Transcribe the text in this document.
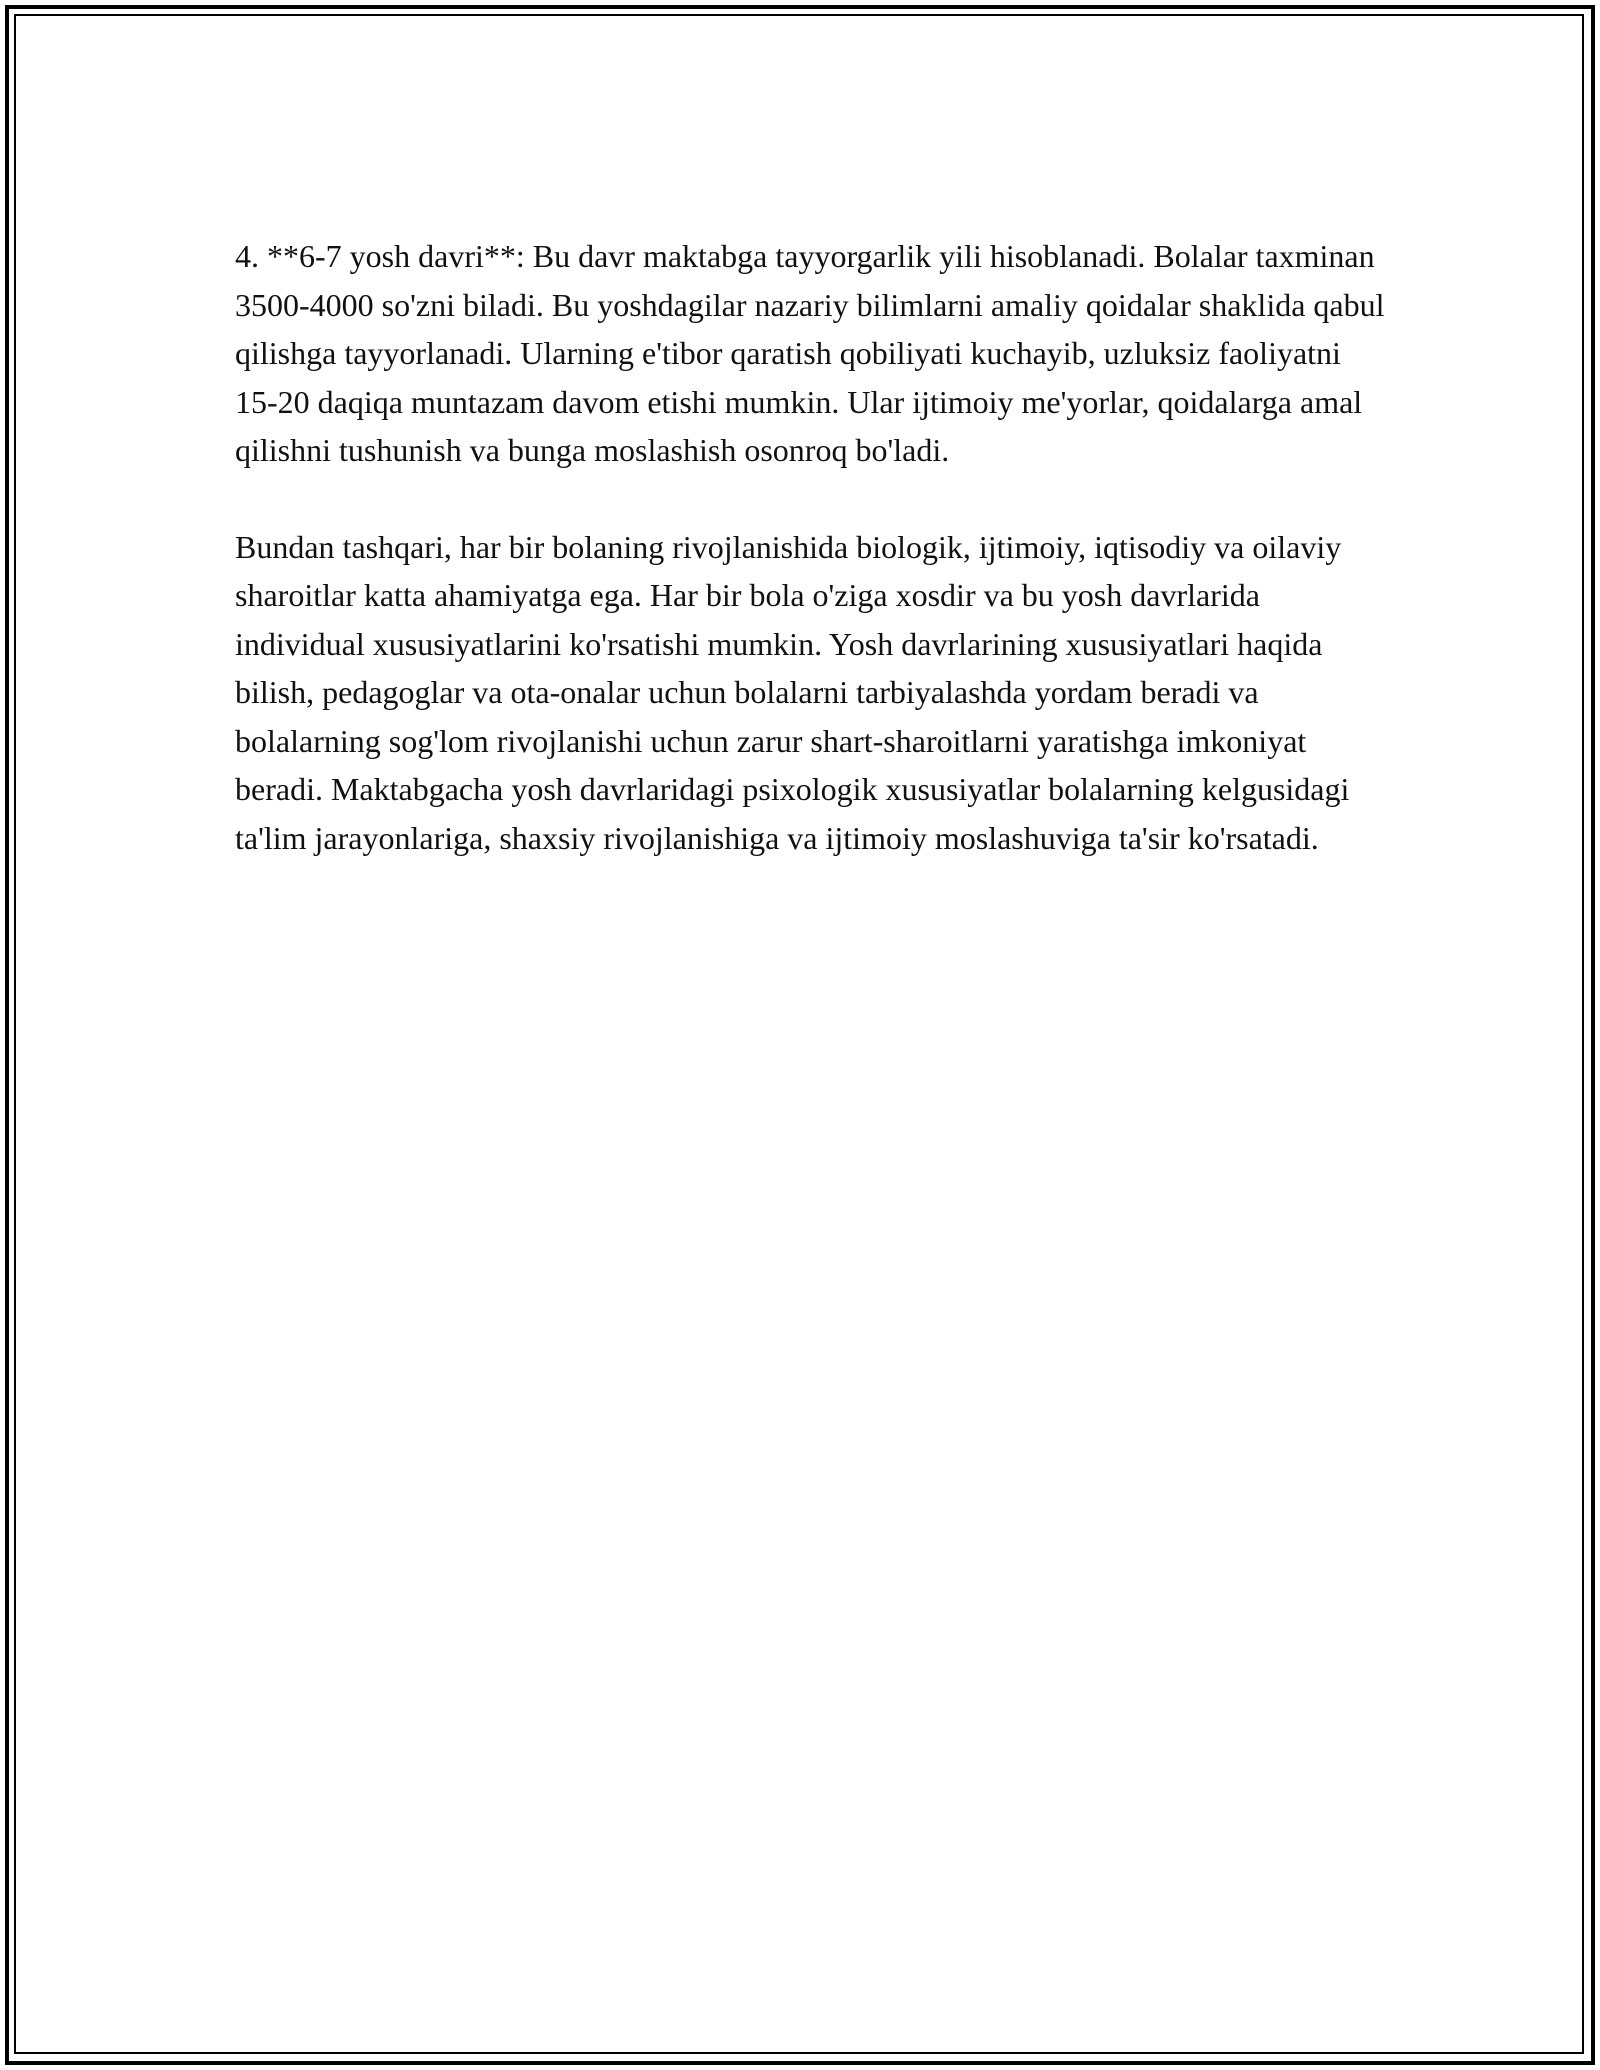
4. **6-7 yosh davri**: Bu davr maktabga tayyorgarlik yili hisoblanadi. Bolalar taxminan 3500-4000 so'zni biladi. Bu yoshdagilar nazariy bilimlarni amaliy qoidalar shaklida qabul qilishga tayyorlanadi. Ularning e'tibor qaratish qobiliyati kuchayib, uzluksiz faoliyatni 15-20 daqiqa muntazam davom etishi mumkin. Ular ijtimoiy me'yorlar, qoidalarga amal qilishni tushunish va bunga moslashish osonroq bo'ladi.

Bundan tashqari, har bir bolaning rivojlanishida biologik, ijtimoiy, iqtisodiy va oilaviy sharoitlar katta ahamiyatga ega. Har bir bola o'ziga xosdir va bu yosh davrlarida individual xususiyatlarini ko'rsatishi mumkin. Yosh davrlarining xususiyatlari haqida bilish, pedagoglar va ota-onalar uchun bolalarni tarbiyalashda yordam beradi va bolalarning sog'lom rivojlanishi uchun zarur shart-sharoitlarni yaratishga imkoniyat beradi. Maktabgacha yosh davrlaridagi psixologik xususiyatlar bolalarning kelgusidagi ta'lim jarayonlariga, shaxsiy rivojlanishiga va ijtimoiy moslashuviga ta'sir ko'rsatadi.
